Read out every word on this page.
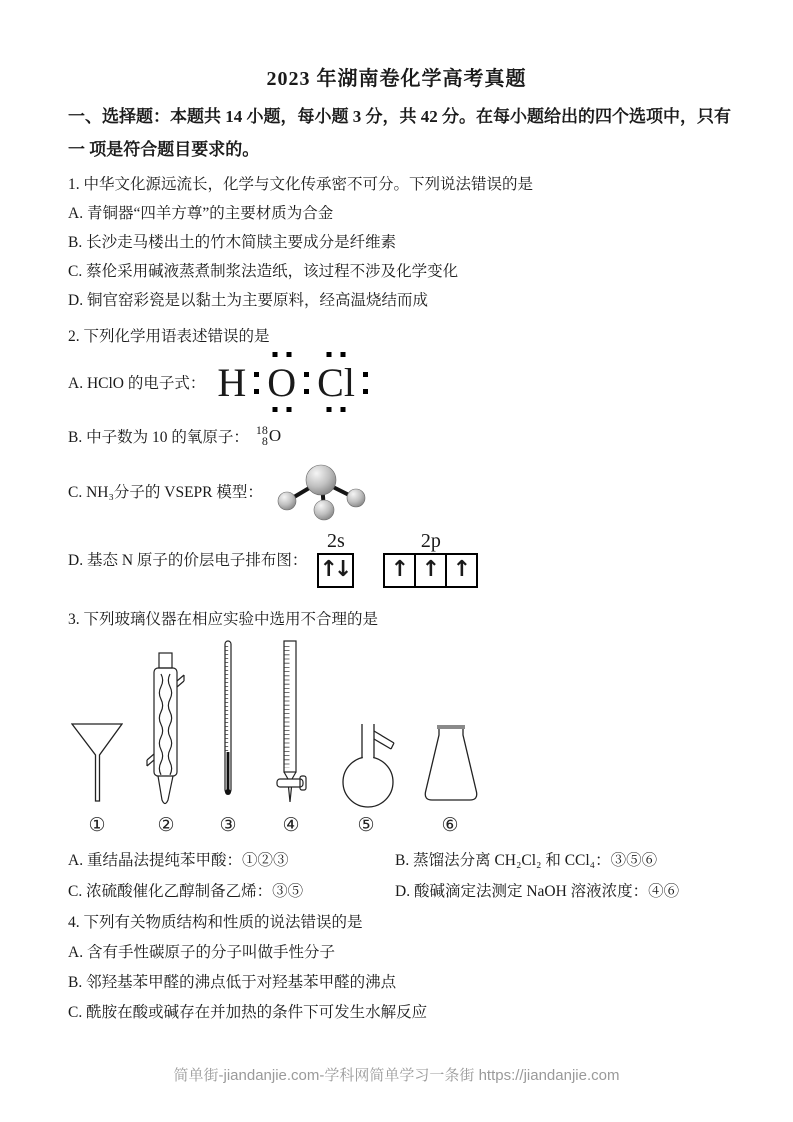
2023 年湖南卷化学高考真题
一、选择题：本题共 14 小题，每小题 3 分，共 42 分。在每小题给出的四个选项中，只有一 项是符合题目要求的。
1. 中华文化源远流长，化学与文化传承密不可分。下列说法错误的是
A. 青铜器“四羊方尊”的主要材质为合金
B. 长沙走马楼出土的竹木简牍主要成分是纤维素
C. 蔡伦采用碱液蒸煮制浆法造纸，该过程不涉及化学变化
D. 铜官窑彩瓷是以黏土为主要原料，经高温烧结而成
2. 下列化学用语表述错误的是
A. HClO 的电子式： H O Cl
B. 中子数为 10 的氧原子： 18
8 O
C. NH₃分子的 VSEPR 模型：
D. 基态 N 原子的价层电子排布图：
2s
↑↓
2p
↑ ↑ ↑
3. 下列玻璃仪器在相应实验中选用不合理的是
①	②	③	④	⑤	⑥
A. 重结晶法提纯苯甲酸：①②③	B. 蒸馏法分离 CH₂Cl₂ 和 CCl₄：③⑤⑥
C. 浓硫酸催化乙醇制备乙烯：③⑤	D. 酸碱滴定法测定 NaOH 溶液浓度：④⑥
4. 下列有关物质结构和性质的说法错误的是
A. 含有手性碳原子的分子叫做手性分子
B. 邻羟基苯甲醛的沸点低于对羟基苯甲醛的沸点
C. 酰胺在酸或碱存在并加热的条件下可发生水解反应
简单街-jiandanjie.com-学科网简单学习一条街 https://jiandanjie.com
